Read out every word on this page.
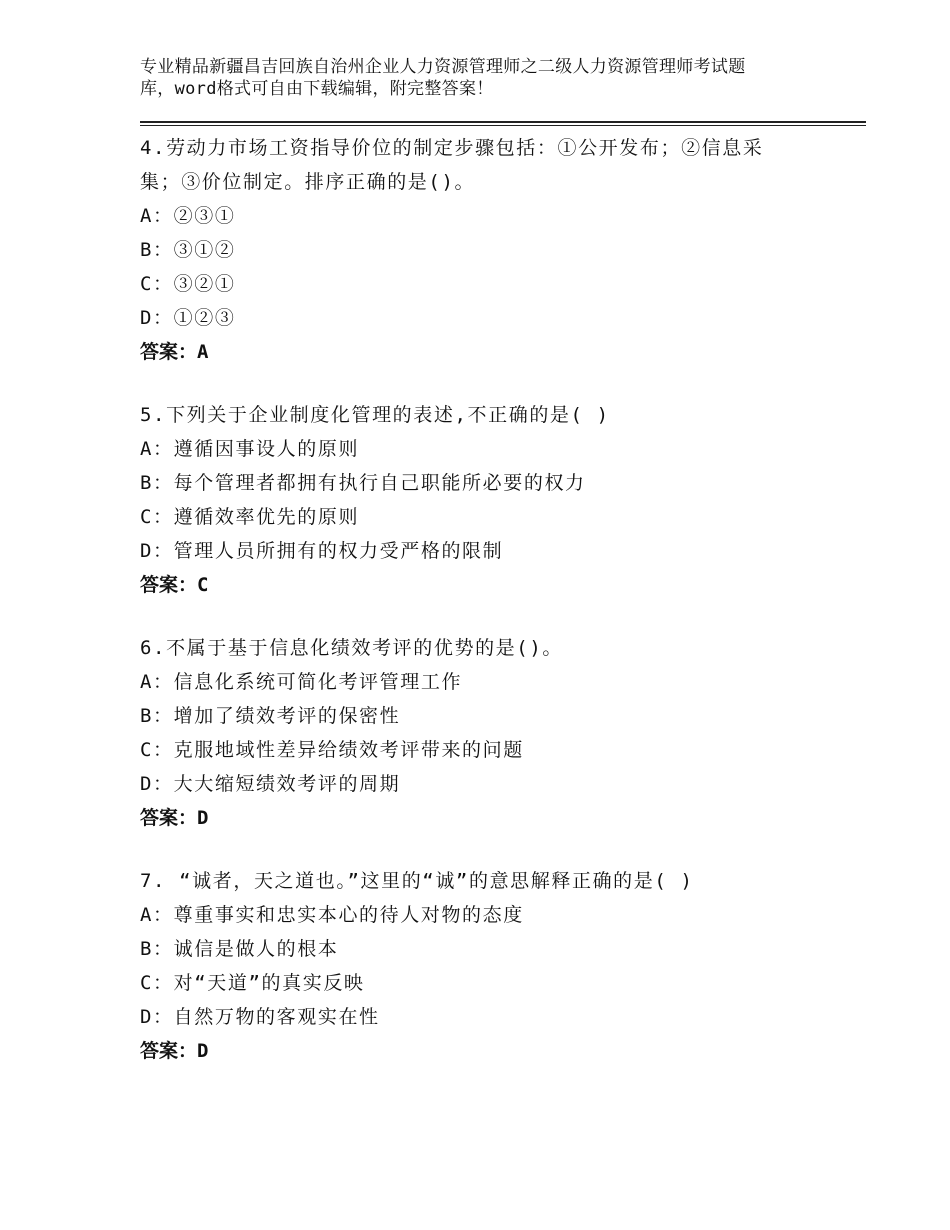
专业精品新疆昌吉回族自治州企业人力资源管理师之二级人力资源管理师考试题
库，word格式可自由下载编辑，附完整答案！
4.劳动力市场工资指导价位的制定步骤包括：①公开发布；②信息采
集；③价位制定。排序正确的是()。
A：②③①
B：③①②
C：③②①
D：①②③
答案：A
5.下列关于企业制度化管理的表述,不正确的是( )
A：遵循因事设人的原则
B：每个管理者都拥有执行自己职能所必要的权力
C：遵循效率优先的原则
D：管理人员所拥有的权力受严格的限制
答案：C
6.不属于基于信息化绩效考评的优势的是()。
A：信息化系统可简化考评管理工作
B：增加了绩效考评的保密性
C：克服地域性差异给绩效考评带来的问题
D：大大缩短绩效考评的周期
答案：D
7. “诚者，天之道也。”这里的“诚”的意思解释正确的是( )
A：尊重事实和忠实本心的待人对物的态度
B：诚信是做人的根本
C：对“天道”的真实反映
D：自然万物的客观实在性
答案：D
